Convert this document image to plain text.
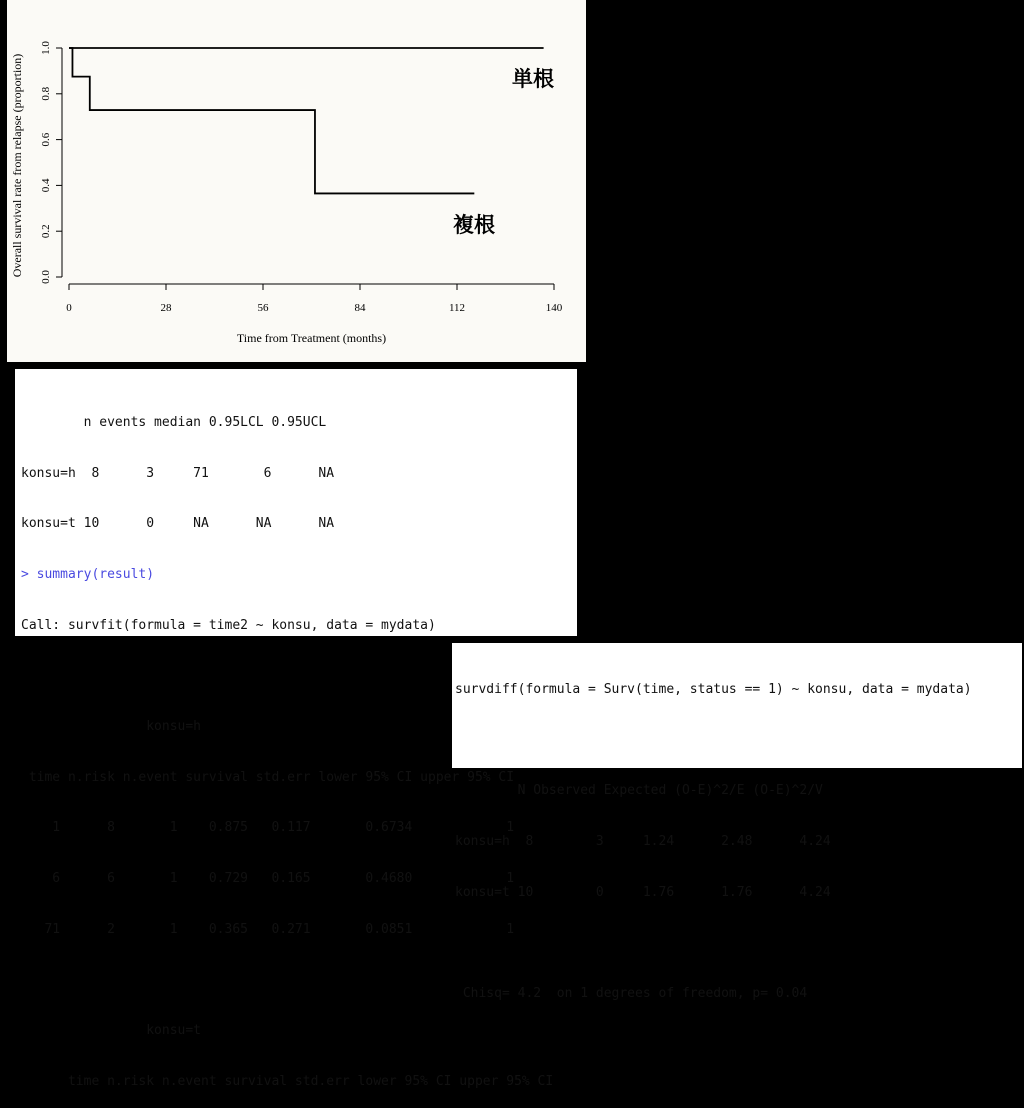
0	28	56	84	112	140
0.0
0.2
0.4
0.6
0.8
1.0
Time from Treatment (months)
Overall survival rate from relapse (proportion)	単根
複根

n events median 0.95LCL 0.95UCL

konsu=h  8      3     71       6      NA

konsu=t 10      0     NA      NA      NA

> summary(result)

Call: survfit(formula = time2 ~ konsu, data = mydata)

konsu=h

time n.risk n.event survival std.err lower 95% CI upper 95% CI

1      8       1    0.875   0.117       0.6734            1

6      6       1    0.729   0.165       0.4680            1

71      2       1    0.365   0.271       0.0851            1

konsu=t

time n.risk n.event survival std.err lower 95% CI upper 95% CI

survdiff(formula = Surv(time, status == 1) ~ konsu, data = mydata)

N Observed Expected (O-E)^2/E (O-E)^2/V

konsu=h  8        3     1.24      2.48      4.24

konsu=t 10        0     1.76      1.76      4.24

Chisq= 4.2  on 1 degrees of freedom, p= 0.04
